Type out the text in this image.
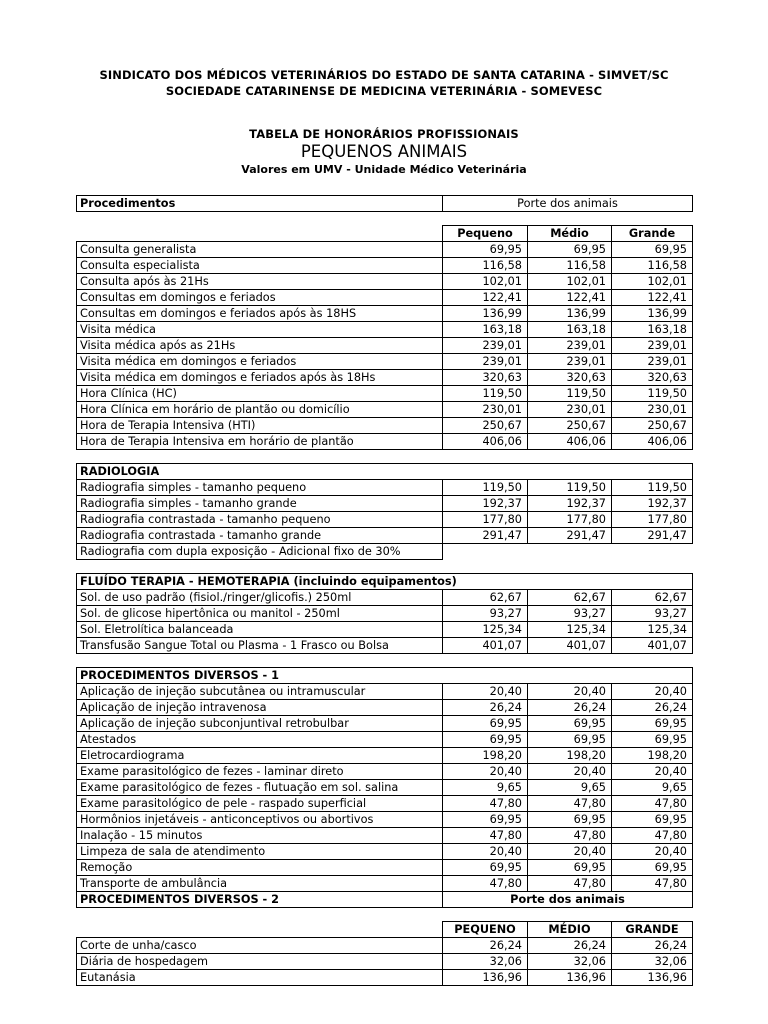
SINDICATO DOS MÉDICOS VETERINÁRIOS DO ESTADO DE SANTA CATARINA - SIMVET/SC
SOCIEDADE CATARINENSE DE MEDICINA VETERINÁRIA - SOMEVESC
TABELA DE HONORÁRIOS PROFISSIONAIS
PEQUENOS ANIMAIS
Valores em UMV - Unidade Médico Veterinária
Procedimentos	Porte dos animais		

	Pequeno	Médio	Grande
Consulta generalista	69,95	69,95	69,95
Consulta especialista	116,58	116,58	116,58
Consulta após às 21Hs	102,01	102,01	102,01
Consultas em domingos e feriados	122,41	122,41	122,41
Consultas em domingos e feriados após às 18HS	136,99	136,99	136,99
Visita médica	163,18	163,18	163,18
Visita médica após as 21Hs	239,01	239,01	239,01
Visita médica em domingos e feriados	239,01	239,01	239,01
Visita médica em domingos e feriados após às 18Hs	320,63	320,63	320,63
Hora Clínica (HC)	119,50	119,50	119,50
Hora Clínica em horário de plantão ou domicílio	230,01	230,01	230,01
Hora de Terapia Intensiva (HTI)	250,67	250,67	250,67
Hora de Terapia Intensiva em horário de plantão	406,06	406,06	406,06

RADIOLOGIA			
Radiografia simples - tamanho pequeno	119,50	119,50	119,50
Radiografia simples - tamanho grande	192,37	192,37	192,37
Radiografia contrastada - tamanho pequeno	177,80	177,80	177,80
Radiografia contrastada - tamanho grande	291,47	291,47	291,47
Radiografia com dupla exposição - Adicional fixo de 30%			

FLUÍDO TERAPIA - HEMOTERAPIA (incluindo equipamentos)			
Sol. de uso padrão (fisiol./ringer/glicofis.) 250ml	62,67	62,67	62,67
Sol. de glicose hipertônica ou manitol - 250ml	93,27	93,27	93,27
Sol. Eletrolítica balanceada	125,34	125,34	125,34
Transfusão Sangue Total ou Plasma - 1 Frasco ou Bolsa	401,07	401,07	401,07

PROCEDIMENTOS DIVERSOS - 1			
Aplicação de injeção subcutânea ou intramuscular	20,40	20,40	20,40
Aplicação de injeção intravenosa	26,24	26,24	26,24
Aplicação de injeção subconjuntival retrobulbar	69,95	69,95	69,95
Atestados	69,95	69,95	69,95
Eletrocardiograma	198,20	198,20	198,20
Exame parasitológico de fezes - laminar direto	20,40	20,40	20,40
Exame parasitológico de fezes - flutuação em sol. salina	9,65	9,65	9,65
Exame parasitológico de pele - raspado superficial	47,80	47,80	47,80
Hormônios injetáveis - anticonceptivos ou abortivos	69,95	69,95	69,95
Inalação - 15 minutos	47,80	47,80	47,80
Limpeza de sala de atendimento	20,40	20,40	20,40
Remoção	69,95	69,95	69,95
Transporte de ambulância	47,80	47,80	47,80
PROCEDIMENTOS DIVERSOS - 2	Porte dos animais		

	PEQUENO	MÉDIO	GRANDE
Corte de unha/casco	26,24	26,24	26,24
Diária de hospedagem	32,06	32,06	32,06
Eutanásia	136,96	136,96	136,96
